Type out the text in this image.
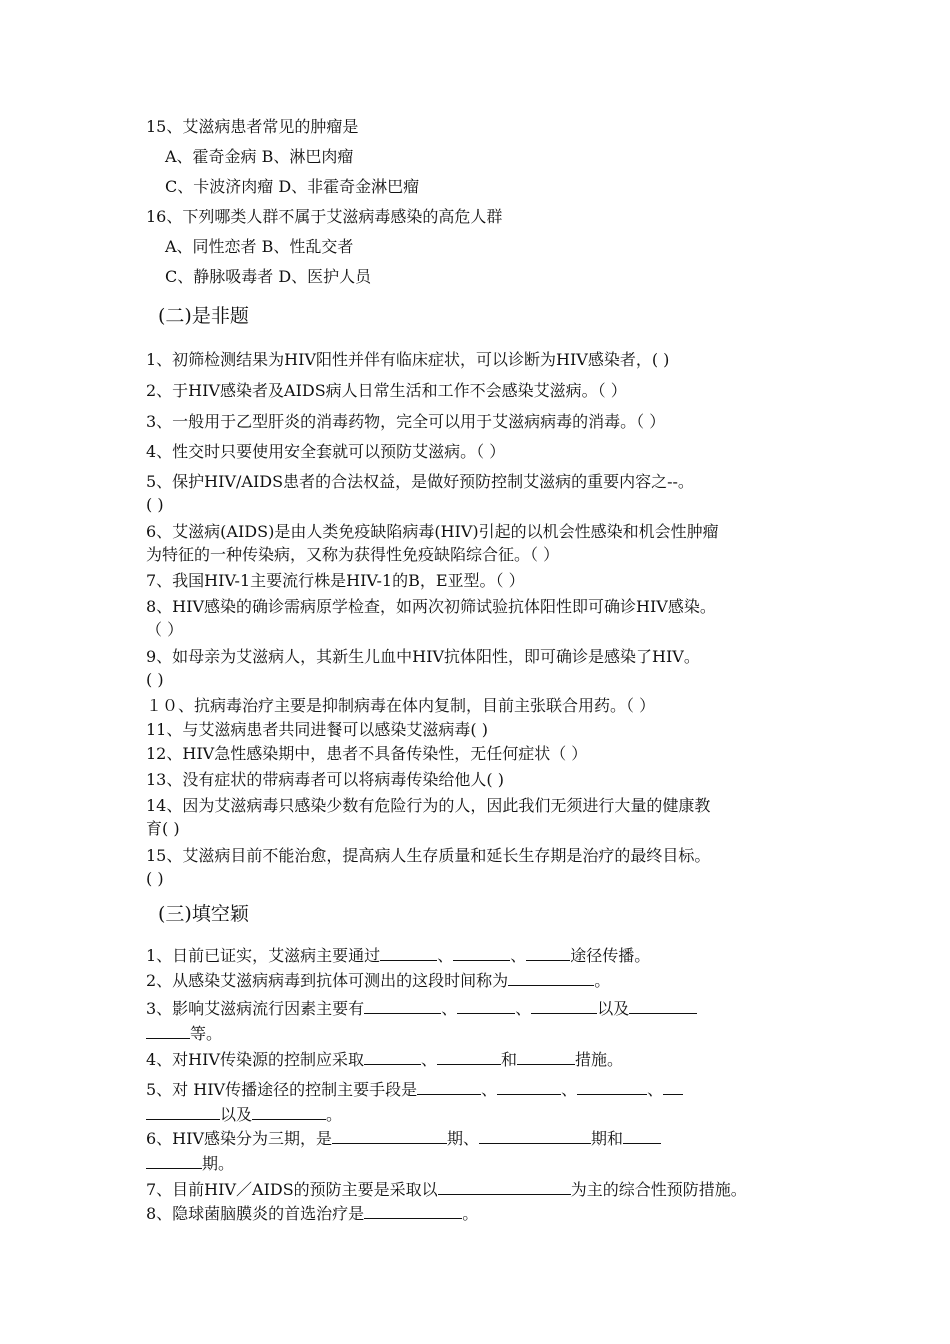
15、艾滋病患者常见的肿瘤是
A、霍奇金病 B、淋巴肉瘤
C、卡波济肉瘤 D、非霍奇金淋巴瘤
16、下列哪类人群不属于艾滋病毒感染的高危人群
A、同性恋者 B、性乱交者
C、静脉吸毒者 D、医护人员
(二)是非题
1、初筛检测结果为HIV阳性并伴有临床症状，可以诊断为HIV感染者，( )
2、于HIV感染者及AIDS病人日常生活和工作不会感染艾滋病。（ ）
3、一般用于乙型肝炎的消毒药物，完全可以用于艾滋病病毒的消毒。（ ）
4、性交时只要使用安全套就可以预防艾滋病。（ ）
5、保护HIV/AIDS患者的合法权益，是做好预防控制艾滋病的重要内容之--。
( )
6、艾滋病(AIDS)是由人类免疫缺陷病毒(HIV)引起的以机会性感染和机会性肿瘤
为特征的一种传染病，又称为获得性免疫缺陷综合征。（ ）
7、我国HIV-1主要流行株是HIV-1的B，E亚型。（ ）
8、HIV感染的确诊需病原学检查，如两次初筛试验抗体阳性即可确诊HIV感染。
（ ）
9、如母亲为艾滋病人，其新生儿血中HIV抗体阳性，即可确诊是感染了HIV。
( )
１０、抗病毒治疗主要是抑制病毒在体内复制，目前主张联合用药。（ ）
11、与艾滋病患者共同进餐可以感染艾滋病毒( )
12、HIV急性感染期中，患者不具备传染性，无任何症状（ ）
13、没有症状的带病毒者可以将病毒传染给他人( )
14、因为艾滋病毒只感染少数有危险行为的人，因此我们无须进行大量的健康教
育( )
15、艾滋病目前不能治愈，提高病人生存质量和延长生存期是治疗的最终目标。
( )
(三)填空颖
1、日前已证实，艾滋病主要通过	、	、	途径传播。
2、从感染艾滋病病毒到抗体可测出的这段时间称为	。
3、影响艾滋病流行因素主要有	、	、	以及
等。
4、对HIV传染源的控制应采取	、	和	措施。
5、对 HIV传播途径的控制主要手段是	、	、	、
以及	。
6、HIV感染分为三期，是	期、	期和
期。
7、目前HIV／AIDS的预防主要是采取以	为主的综合性预防措施。
8、隐球菌脑膜炎的首选治疗是	。
